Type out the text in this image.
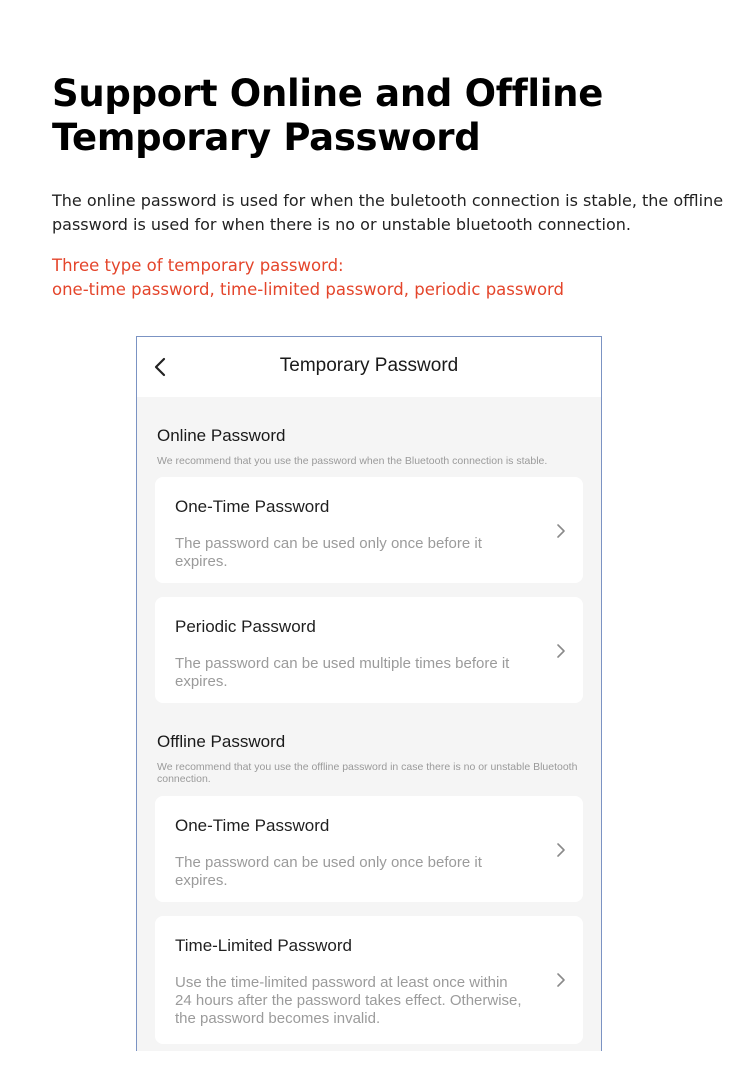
Support Online and Offline
Temporary Password

The online password is used for when the buletooth connection is stable, the offline password is used for when there is no or unstable bluetooth connection.

Three type of temporary password:
one-time password, time-limited password, periodic password

Temporary Password
Online Password
We recommend that you use the password when the Bluetooth connection is stable.
One-Time Password
The password can be used only once before it expires.
Periodic Password
The password can be used multiple times before it expires.
Offline Password
We recommend that you use the offline password in case there is no or unstable Bluetooth connection.
One-Time Password
The password can be used only once before it expires.
Time-Limited Password
Use the time-limited password at least once within 24 hours after the password takes effect. Otherwise, the password becomes invalid.
